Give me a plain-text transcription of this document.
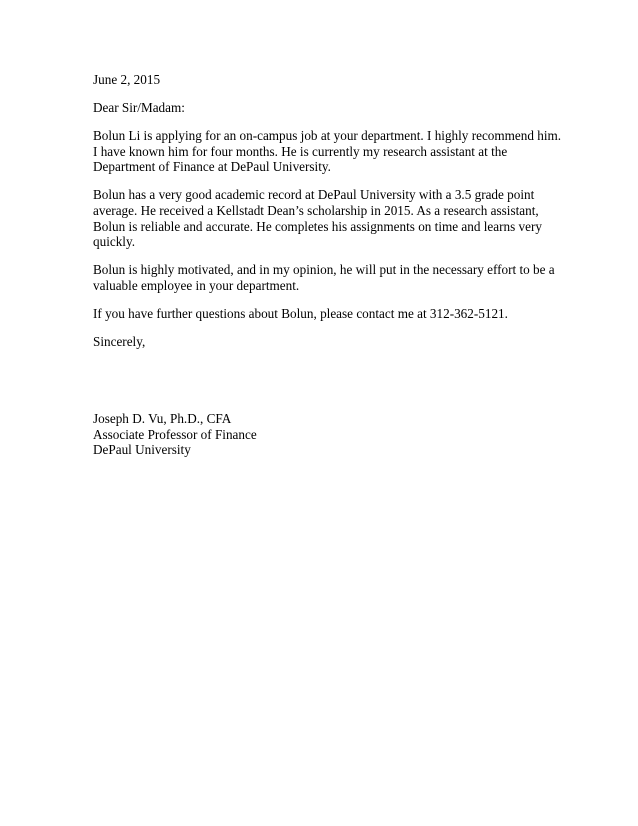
June 2, 2015

Dear Sir/Madam:

Bolun Li is applying for an on-campus job at your department. I highly recommend him.
I have known him for four months. He is currently my research assistant at the
Department of Finance at DePaul University.

Bolun has a very good academic record at DePaul University with a 3.5 grade point
average. He received a Kellstadt Dean’s scholarship in 2015. As a research assistant,
Bolun is reliable and accurate. He completes his assignments on time and learns very
quickly.

Bolun is highly motivated, and in my opinion, he will put in the necessary effort to be a
valuable employee in your department.

If you have further questions about Bolun, please contact me at 312-362-5121.

Sincerely,

Joseph D. Vu, Ph.D., CFA
Associate Professor of Finance
DePaul University
